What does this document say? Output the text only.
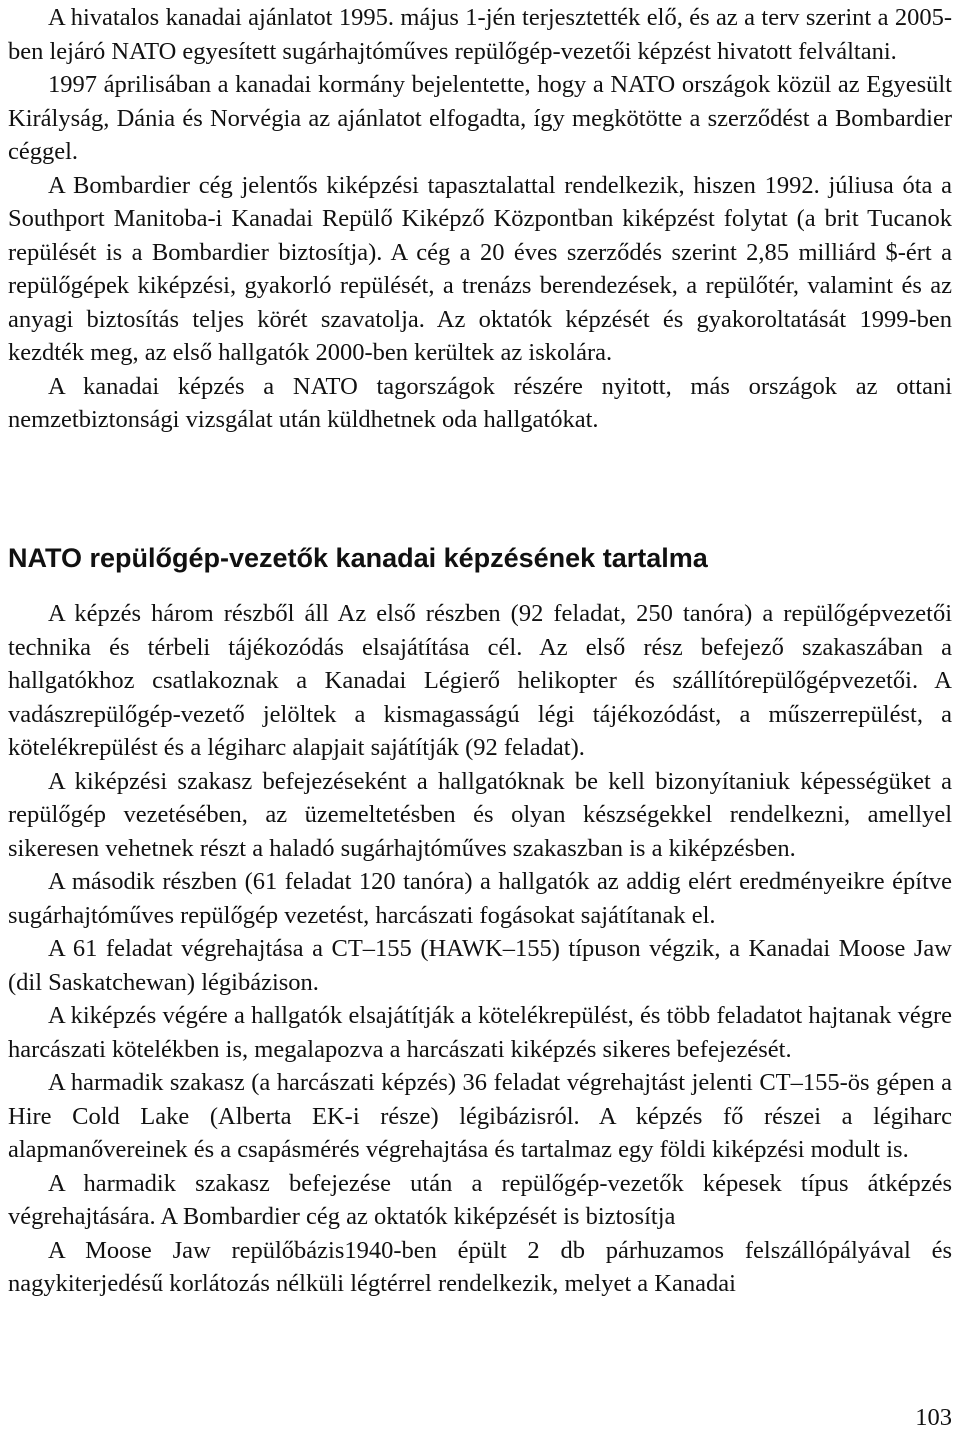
A hivatalos kanadai ajánlatot 1995. május 1-jén terjesztették elő, és az a terv szerint a 2005-ben lejáró NATO egyesített sugárhajtóműves repülőgép-vezetői képzést hivatott felváltani.

1997 áprilisában a kanadai kormány bejelentette, hogy a NATO országok közül az Egyesült Királyság, Dánia és Norvégia az ajánlatot elfogadta, így megkötötte a szerződést a Bombardier céggel.

A Bombardier cég jelentős kiképzési tapasztalattal rendelkezik, hiszen 1992. júliusa óta a Southport Manitoba-i Kanadai Repülő Kiképző Központban kiképzést folytat (a brit Tucanok repülését is a Bombardier biztosítja). A cég a 20 éves szerződés szerint 2,85 milliárd $-ért a repülőgépek kiképzési, gyakorló repülését, a trenázs berendezések, a repülőtér, valamint és az anyagi biztosítás teljes körét szavatolja. Az oktatók képzését és gyakoroltatását 1999-ben kezdték meg, az első hallgatók 2000-ben kerültek az iskolára.

A kanadai képzés a NATO tagországok részére nyitott, más országok az ottani nemzetbiztonsági vizsgálat után küldhetnek oda hallgatókat.

NATO repülőgép-vezetők kanadai képzésének tartalma

A képzés három részből áll Az első részben (92 feladat, 250 tanóra) a repülőgépvezetői technika és térbeli tájékozódás elsajátítása cél. Az első rész befejező szakaszában a hallgatókhoz csatlakoznak a Kanadai Légierő helikopter és szállítórepülőgépvezetői. A vadászrepülőgép-vezető jelöltek a kismagasságú légi tájékozódást, a műszerrepülést, a kötelékrepülést és a légiharc alapjait sajátítják (92 feladat).

A kiképzési szakasz befejezéseként a hallgatóknak be kell bizonyítaniuk képességüket a repülőgép vezetésében, az üzemeltetésben és olyan készségekkel rendelkezni, amellyel sikeresen vehetnek részt a haladó sugárhajtóműves szakaszban is a kiképzésben.

A második részben (61 feladat 120 tanóra) a hallgatók az addig elért eredményeikre építve sugárhajtóműves repülőgép vezetést, harcászati fogásokat sajátítanak el.

A 61 feladat végrehajtása a CT–155 (HAWK–155) típuson végzik, a Kanadai Moose Jaw (dil Saskatchewan) légibázison.

A kiképzés végére a hallgatók elsajátítják a kötelékrepülést, és több feladatot hajtanak végre harcászati kötelékben is, megalapozva a harcászati kiképzés sikeres befejezését.

A harmadik szakasz (a harcászati képzés) 36 feladat végrehajtást jelenti CT–155-ös gépen a Hire Cold Lake (Alberta EK-i része) légibázisról. A képzés fő részei a légiharc alapmanővereinek és a csapásmérés végrehajtása és tartalmaz egy földi kiképzési modult is.

A harmadik szakasz befejezése után a repülőgép-vezetők képesek típus átképzés végrehajtására. A Bombardier cég az oktatók kiképzését is biztosítja

A Moose Jaw repülőbázis1940-ben épült 2 db párhuzamos felszállópályával és nagykiterjedésű korlátozás nélküli légtérrel rendelkezik, melyet a Kanadai

103
